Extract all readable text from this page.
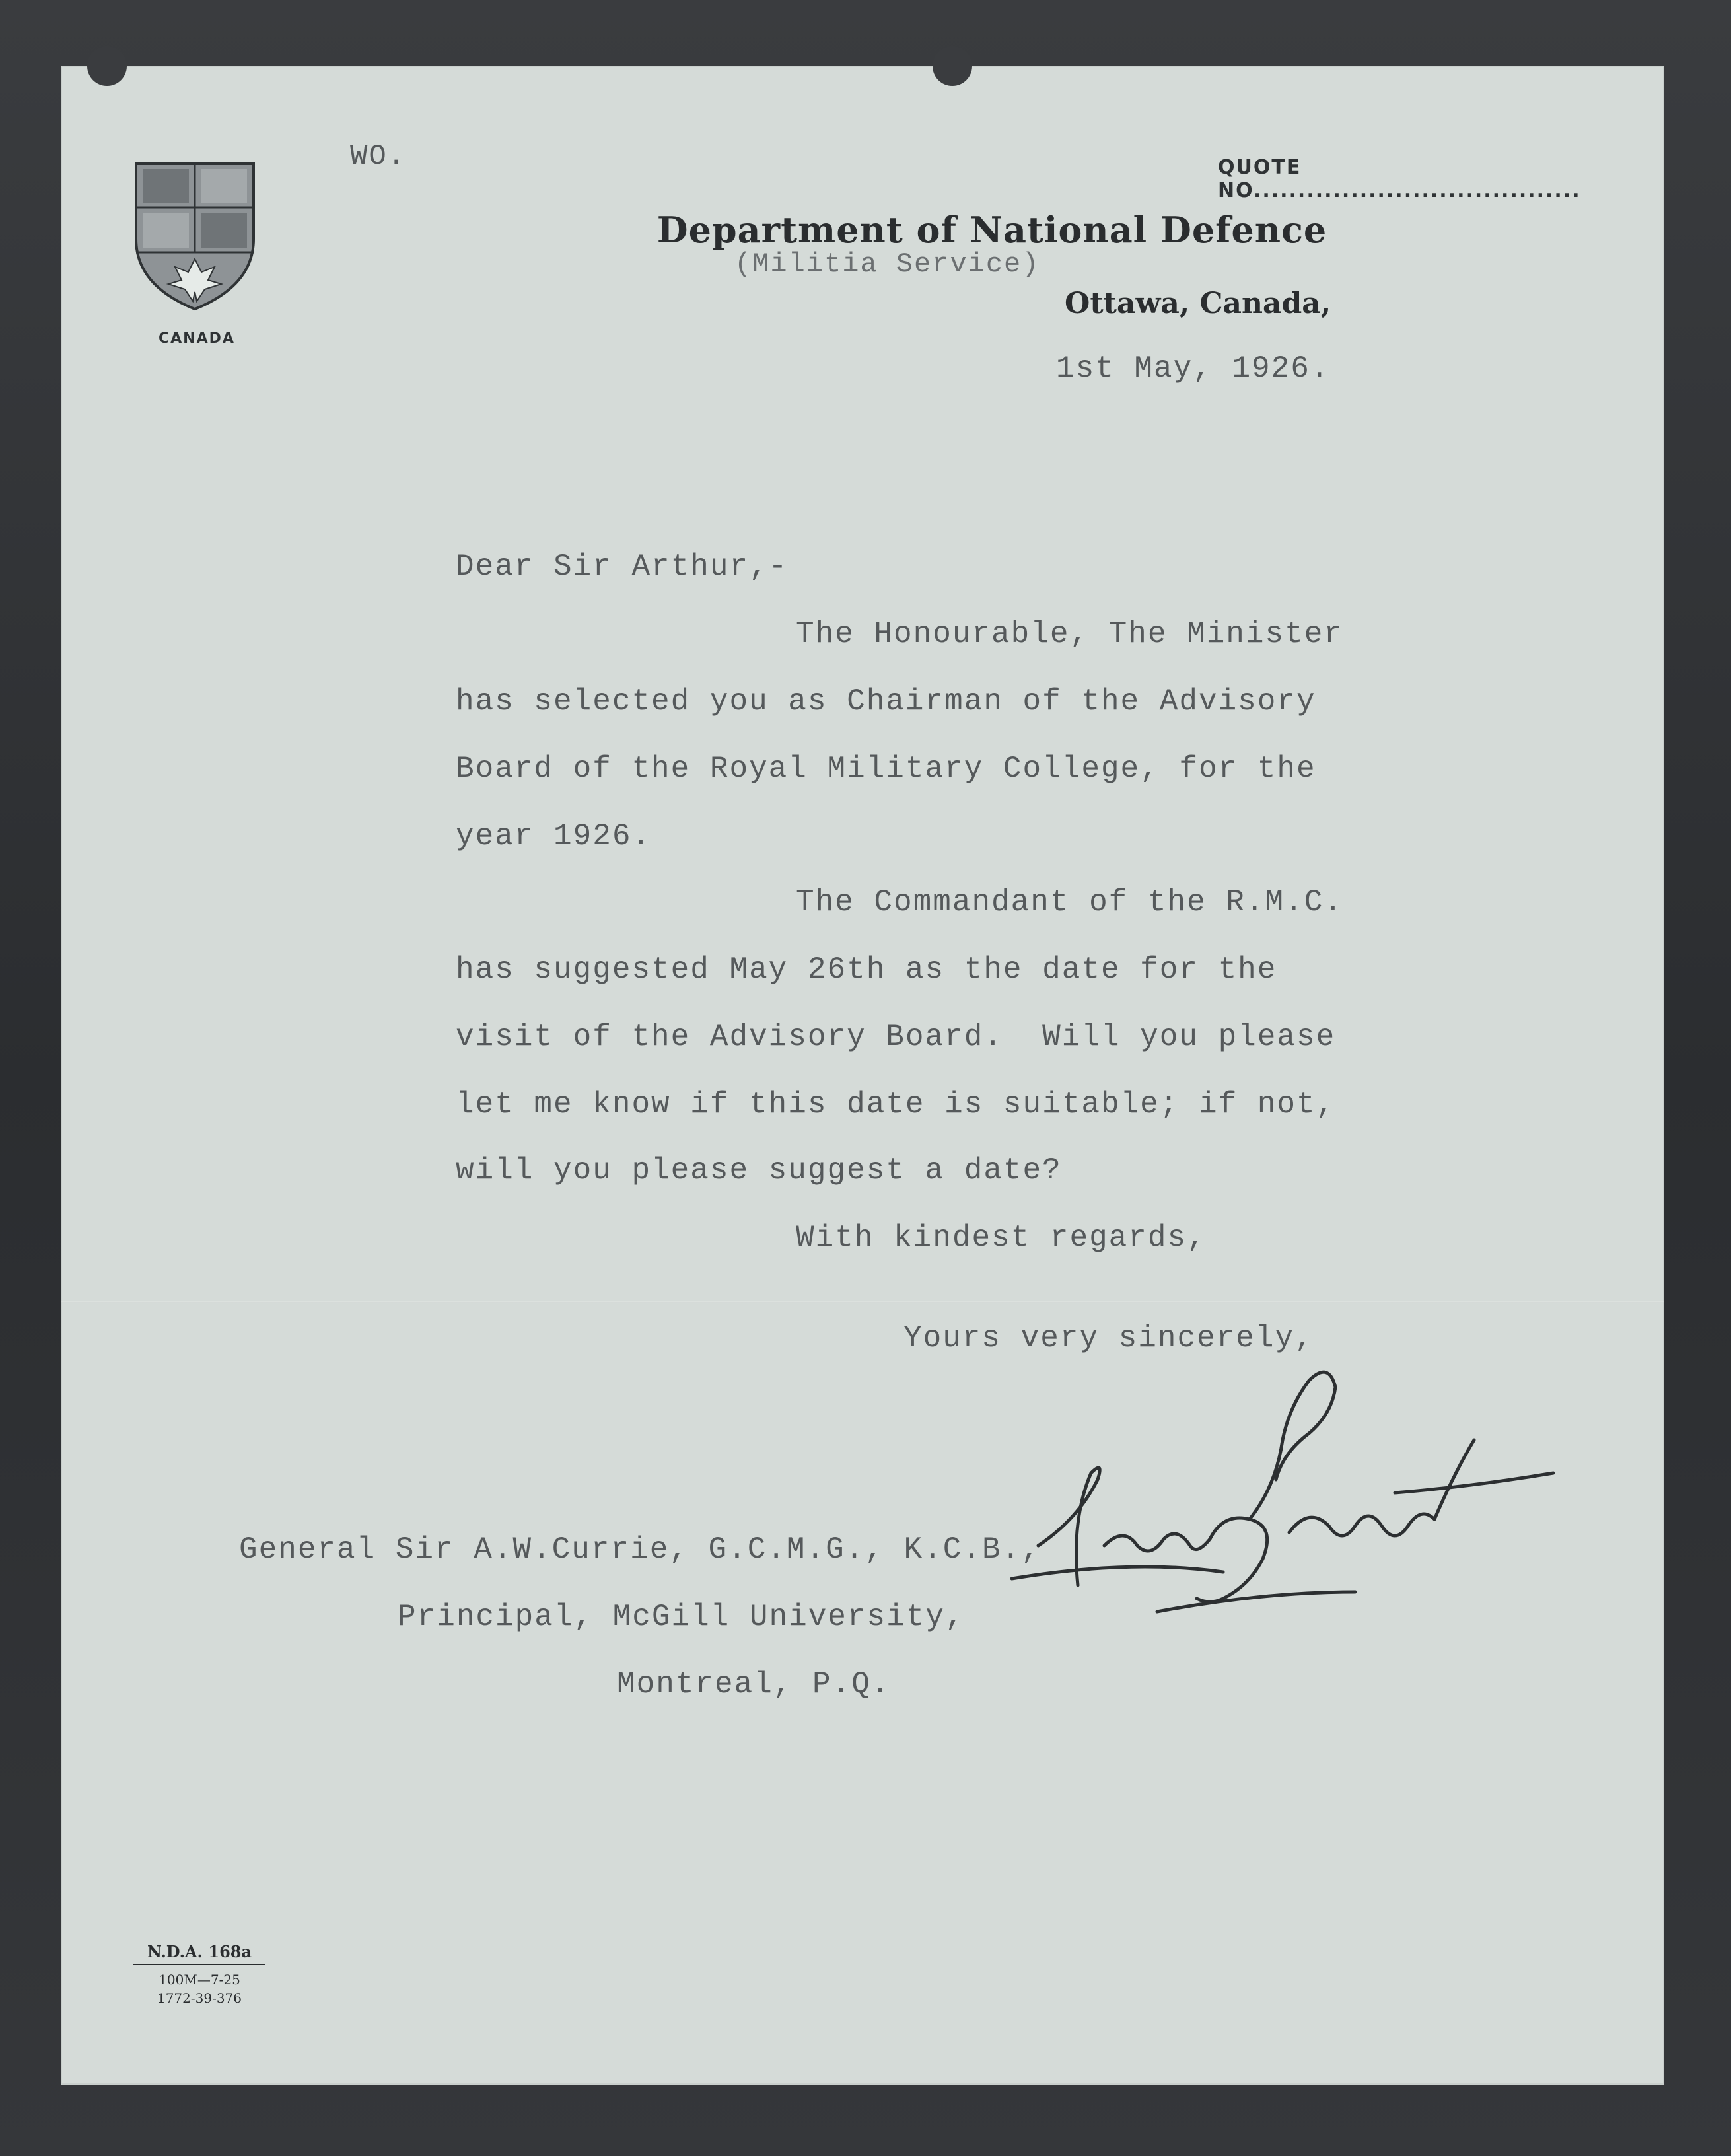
CANADA
WO.	QUOTE NO.....................................
Department of National Defence
(Militia Service)
Ottawa, Canada,
1st May, 1926.
Dear Sir Arthur,-
The Honourable, The Minister
has selected you as Chairman of the Advisory
Board of the Royal Military College, for the
year 1926.
The Commandant of the R.M.C.
has suggested May 26th as the date for the
visit of the Advisory Board.  Will you please
let me know if this date is suitable; if not,
will you please suggest a date?
With kindest regards,
Yours very sincerely,
General Sir A.W.Currie, G.C.M.G., K.C.B.,
Principal, McGill University,
Montreal, P.Q.
N.D.A. 168a
100M—7-25
1772-39-376
